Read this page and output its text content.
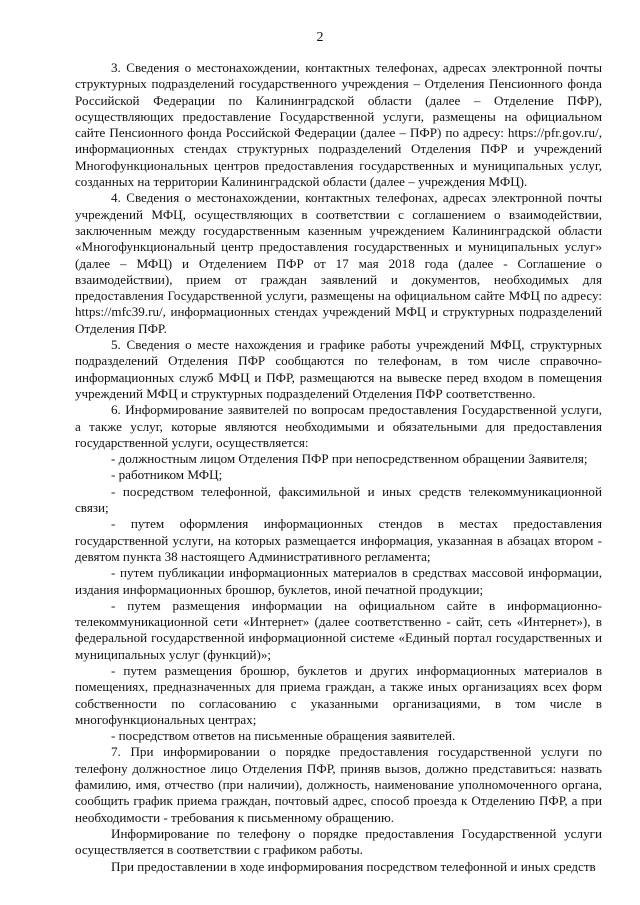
2

3. Сведения о местонахождении, контактных телефонах, адресах электронной почты структурных подразделений государственного учреждения – Отделения Пенсионного фонда Российской Федерации по Калининградской области (далее – Отделение ПФР), осуществляющих предоставление Государственной услуги, размещены на официальном сайте Пенсионного фонда Российской Федерации (далее – ПФР) по адресу: https://pfr.gov.ru/, информационных стендах структурных подразделений Отделения ПФР и учреждений Многофункциональных центров предоставления государственных и муниципальных услуг, созданных на территории Калининградской области (далее – учреждения МФЦ).

4. Сведения о местонахождении, контактных телефонах, адресах электронной почты учреждений МФЦ, осуществляющих в соответствии с соглашением о взаимодействии, заключенным между государственным казенным учреждением Калининградской области «Многофункциональный центр предоставления государственных и муниципальных услуг» (далее – МФЦ) и Отделением ПФР от 17 мая 2018 года (далее - Соглашение о взаимодействии), прием от граждан заявлений и документов, необходимых для предоставления Государственной услуги, размещены на официальном сайте МФЦ по адресу: https://mfc39.ru/, информационных стендах учреждений МФЦ и структурных подразделений Отделения ПФР.

5. Сведения о месте нахождения и графике работы учреждений МФЦ, структурных подразделений Отделения ПФР сообщаются по телефонам, в том числе справочно-информационных служб МФЦ и ПФР, размещаются на вывеске перед входом в помещения учреждений МФЦ и структурных подразделений Отделения ПФР соответственно.

6. Информирование заявителей по вопросам предоставления Государственной услуги, а также услуг, которые являются необходимыми и обязательными для предоставления государственной услуги, осуществляется:

- должностным лицом Отделения ПФР при непосредственном обращении Заявителя;

- работником МФЦ;

- посредством телефонной, факсимильной и иных средств телекоммуникационной связи;

- путем оформления информационных стендов в местах предоставления государственной услуги, на которых размещается информация, указанная в абзацах втором - девятом пункта 38 настоящего Административного регламента;

- путем публикации информационных материалов в средствах массовой информации, издания информационных брошюр, буклетов, иной печатной продукции;

- путем размещения информации на официальном сайте в информационно-телекоммуникационной сети «Интернет» (далее соответственно - сайт, сеть «Интернет»), в федеральной государственной информационной системе «Единый портал государственных и муниципальных услуг (функций)»;

- путем размещения брошюр, буклетов и других информационных материалов в помещениях, предназначенных для приема граждан, а также иных организациях всех форм собственности по согласованию с указанными организациями, в том числе в многофункциональных центрах;

- посредством ответов на письменные обращения заявителей.

7. При информировании о порядке предоставления государственной услуги по телефону должностное лицо Отделения ПФР, приняв вызов, должно представиться: назвать фамилию, имя, отчество (при наличии), должность, наименование уполномоченного органа, сообщить график приема граждан, почтовый адрес, способ проезда к Отделению ПФР, а при необходимости - требования к письменному обращению.

Информирование по телефону о порядке предоставления Государственной услуги осуществляется в соответствии с графиком работы.

При предоставлении в ходе информирования посредством телефонной и иных средств
